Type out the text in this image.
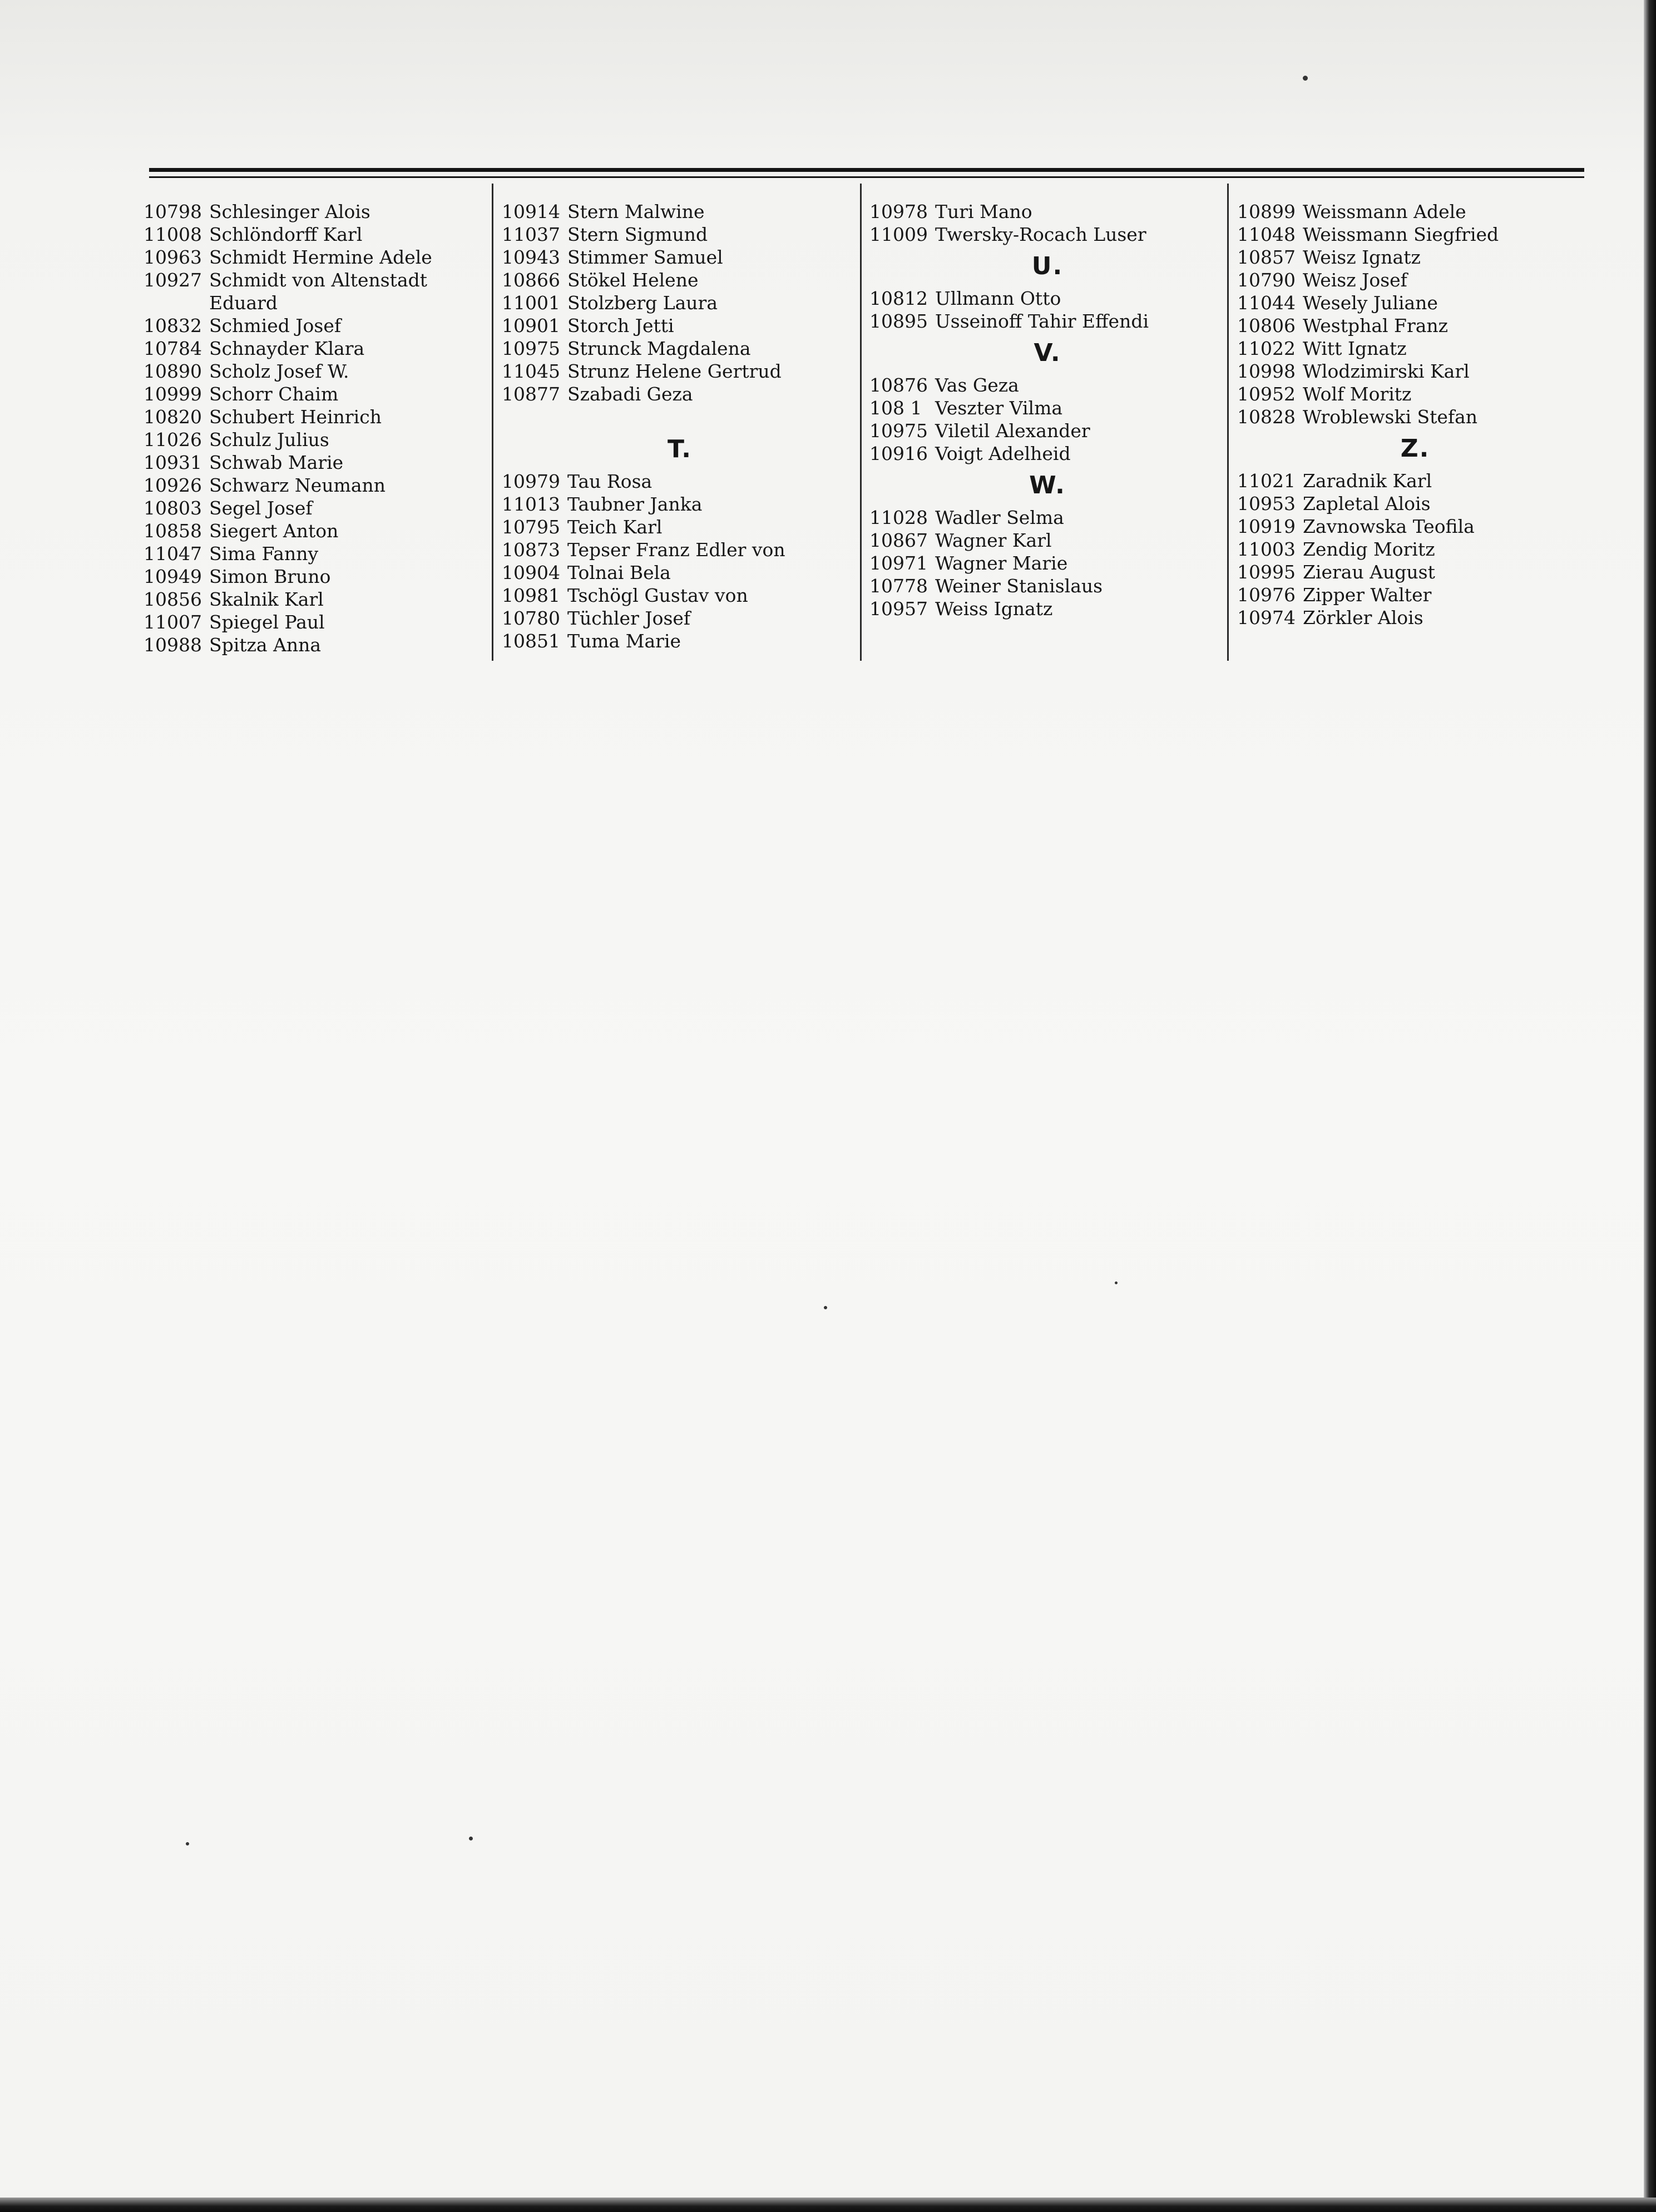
10798 Schlesinger Alois
11008 Schlöndorff Karl
10963 Schmidt Hermine Adele
10927 Schmidt von Altenstadt
Eduard
10832 Schmied Josef
10784 Schnayder Klara
10890 Scholz Josef W.
10999 Schorr Chaim
10820 Schubert Heinrich
11026 Schulz Julius
10931 Schwab Marie
10926 Schwarz Neumann
10803 Segel Josef
10858 Siegert Anton
11047 Sima Fanny
10949 Simon Bruno
10856 Skalnik Karl
11007 Spiegel Paul
10988 Spitza Anna
10914 Stern Malwine
11037 Stern Sigmund
10943 Stimmer Samuel
10866 Stökel Helene
11001 Stolzberg Laura
10901 Storch Jetti
10975 Strunck Magdalena
11045 Strunz Helene Gertrud
10877 Szabadi Geza
T.
10979 Tau Rosa
11013 Taubner Janka
10795 Teich Karl
10873 Tepser Franz Edler von
10904 Tolnai Bela
10981 Tschögl Gustav von
10780 Tüchler Josef
10851 Tuma Marie
10978 Turi Mano
11009 Twersky-Rocach Luser
U.
10812 Ullmann Otto
10895 Usseinoff Tahir Effendi
V.
10876 Vas Geza
108 1 Veszter Vilma
10975 Viletil Alexander
10916 Voigt Adelheid
W.
11028 Wadler Selma
10867 Wagner Karl
10971 Wagner Marie
10778 Weiner Stanislaus
10957 Weiss Ignatz
10899 Weissmann Adele
11048 Weissmann Siegfried
10857 Weisz Ignatz
10790 Weisz Josef
11044 Wesely Juliane
10806 Westphal Franz
11022 Witt Ignatz
10998 Wlodzimirski Karl
10952 Wolf Moritz
10828 Wroblewski Stefan
Z.
11021 Zaradnik Karl
10953 Zapletal Alois
10919 Zavnowska Teofila
11003 Zendig Moritz
10995 Zierau August
10976 Zipper Walter
10974 Zörkler Alois
